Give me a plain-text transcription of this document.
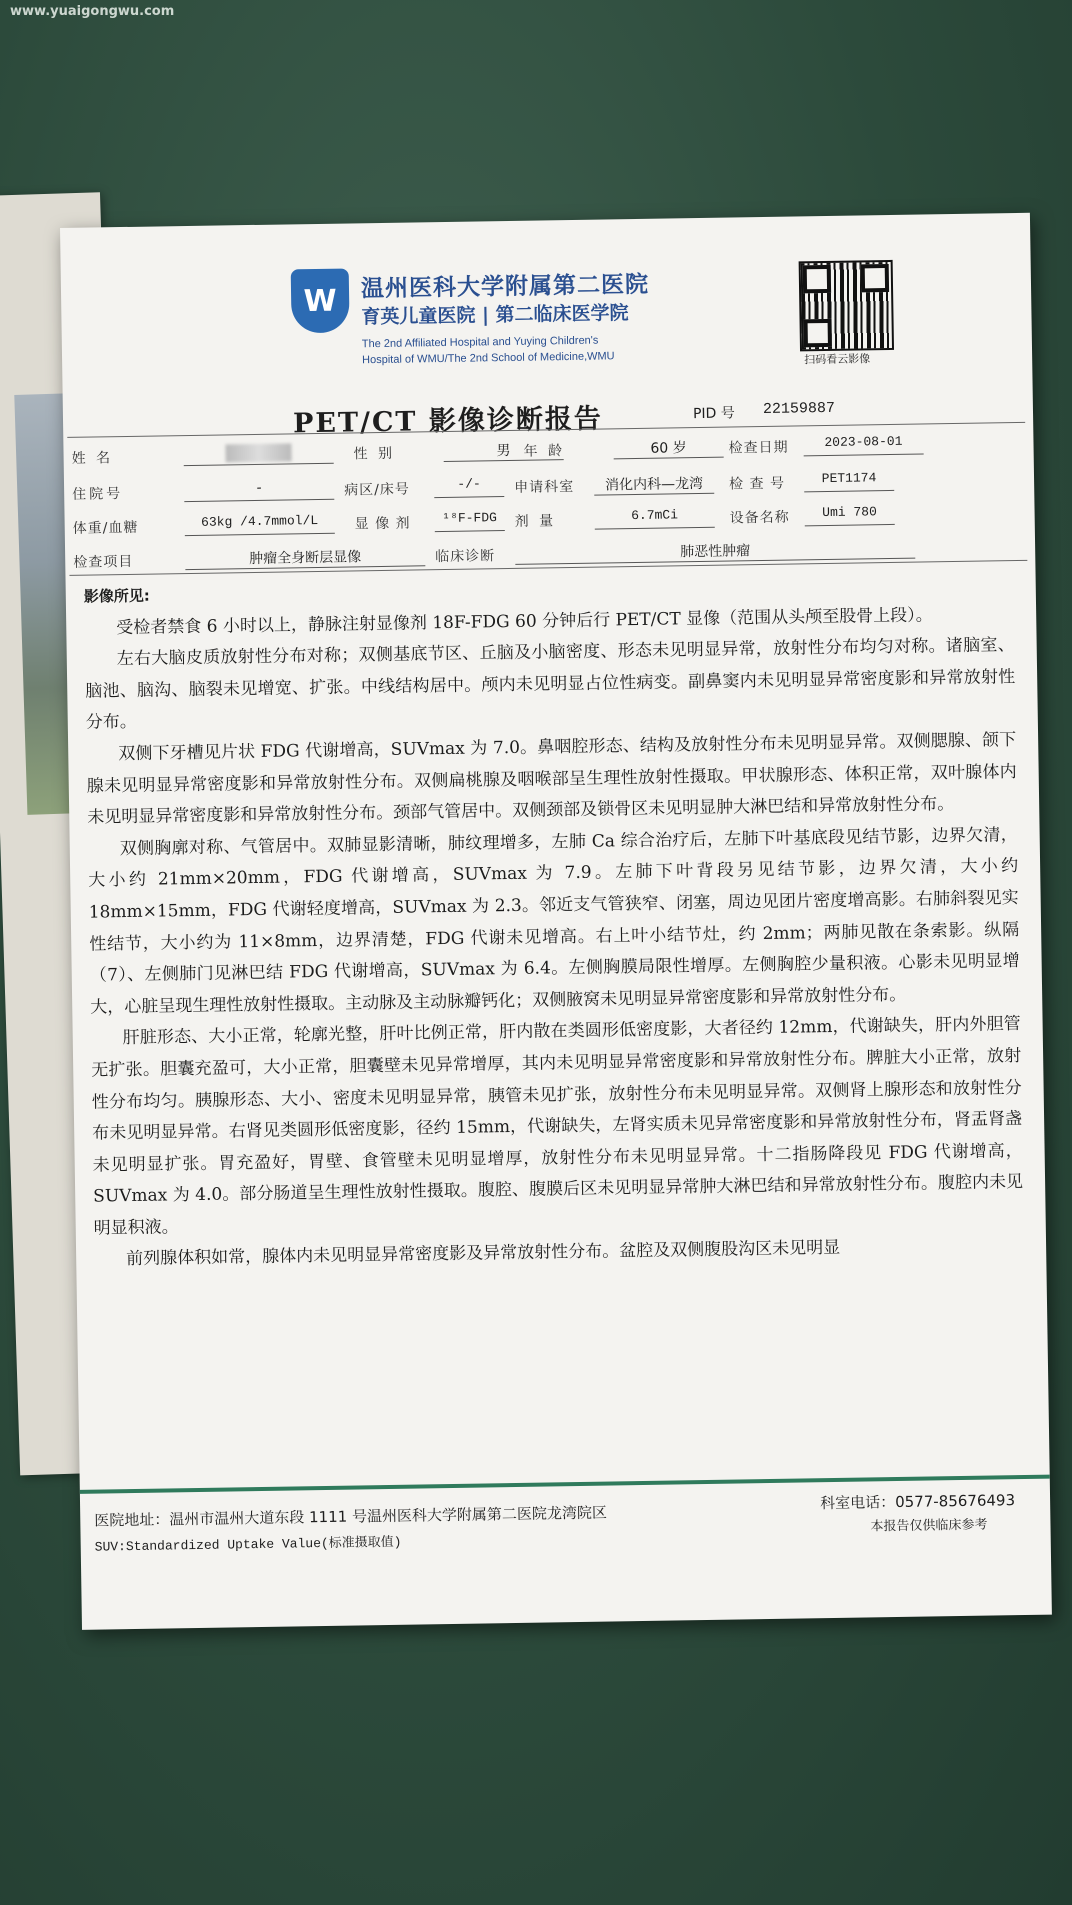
www.yuaigongwu.com
W 温州医科大学附属第二医院
育英儿童医院 | 第二临床医学院
The 2nd Affiliated Hospital and Yuying Children's
Hospital of WMU/The 2nd School of Medicine,WMU	扫码看云影像
PET/CT 影像诊断报告	PID 号 22159887
姓 名	性 别	男 年 龄	60 岁	检查日期	2023-08-01
住院号	-	病区/床号	-/-	申请科室	消化内科—龙湾	检 查 号	PET1174
体重/血糖	63kg /4.7mmol/L	显 像 剂	¹⁸F-FDG	剂 量	6.7mCi	设备名称	Umi 780
检查项目	肿瘤全身断层显像	临床诊断	肺恶性肿瘤
影像所见:

受检者禁食 6 小时以上，静脉注射显像剂 18F-FDG 60 分钟后行 PET/CT 显像（范围从头颅至股骨上段）。

左右大脑皮质放射性分布对称；双侧基底节区、丘脑及小脑密度、形态未见明显异常，放射性分布均匀对称。诸脑室、脑池、脑沟、脑裂未见增宽、扩张。中线结构居中。颅内未见明显占位性病变。副鼻窦内未见明显异常密度影和异常放射性分布。

双侧下牙槽见片状 FDG 代谢增高，SUVmax 为 7.0。鼻咽腔形态、结构及放射性分布未见明显异常。双侧腮腺、颌下腺未见明显异常密度影和异常放射性分布。双侧扁桃腺及咽喉部呈生理性放射性摄取。甲状腺形态、体积正常，双叶腺体内未见明显异常密度影和异常放射性分布。颈部气管居中。双侧颈部及锁骨区未见明显肿大淋巴结和异常放射性分布。

双侧胸廓对称、气管居中。双肺显影清晰，肺纹理增多，左肺 Ca 综合治疗后，左肺下叶基底段见结节影，边界欠清，大小约 21mm×20mm，FDG 代谢增高，SUVmax 为 7.9。左肺下叶背段另见结节影，边界欠清，大小约 18mm×15mm，FDG 代谢轻度增高，SUVmax 为 2.3。邻近支气管狭窄、闭塞，周边见团片密度增高影。右肺斜裂见实性结节，大小约为 11×8mm，边界清楚，FDG 代谢未见增高。右上叶小结节灶，约 2mm；两肺见散在条索影。纵隔（7）、左侧肺门见淋巴结 FDG 代谢增高，SUVmax 为 6.4。左侧胸膜局限性增厚。左侧胸腔少量积液。心影未见明显增大，心脏呈现生理性放射性摄取。主动脉及主动脉瓣钙化；双侧腋窝未见明显异常密度影和异常放射性分布。

肝脏形态、大小正常，轮廓光整，肝叶比例正常，肝内散在类圆形低密度影，大者径约 12mm，代谢缺失，肝内外胆管无扩张。胆囊充盈可，大小正常，胆囊壁未见异常增厚，其内未见明显异常密度影和异常放射性分布。脾脏大小正常，放射性分布均匀。胰腺形态、大小、密度未见明显异常，胰管未见扩张，放射性分布未见明显异常。双侧肾上腺形态和放射性分布未见明显异常。右肾见类圆形低密度影，径约 15mm，代谢缺失，左肾实质未见异常密度影和异常放射性分布，肾盂肾盏未见明显扩张。胃充盈好，胃壁、食管壁未见明显增厚，放射性分布未见明显异常。十二指肠降段见 FDG 代谢增高，SUVmax 为 4.0。部分肠道呈生理性放射性摄取。腹腔、腹膜后区未见明显异常肿大淋巴结和异常放射性分布。腹腔内未见明显积液。

前列腺体积如常，腺体内未见明显异常密度影及异常放射性分布。盆腔及双侧腹股沟区未见明显

医院地址：温州市温州大道东段 1111 号温州医科大学附属第二医院龙湾院区
SUV:Standardized Uptake Value(标准摄取值)
科室电话：0577-85676493
本报告仅供临床参考
